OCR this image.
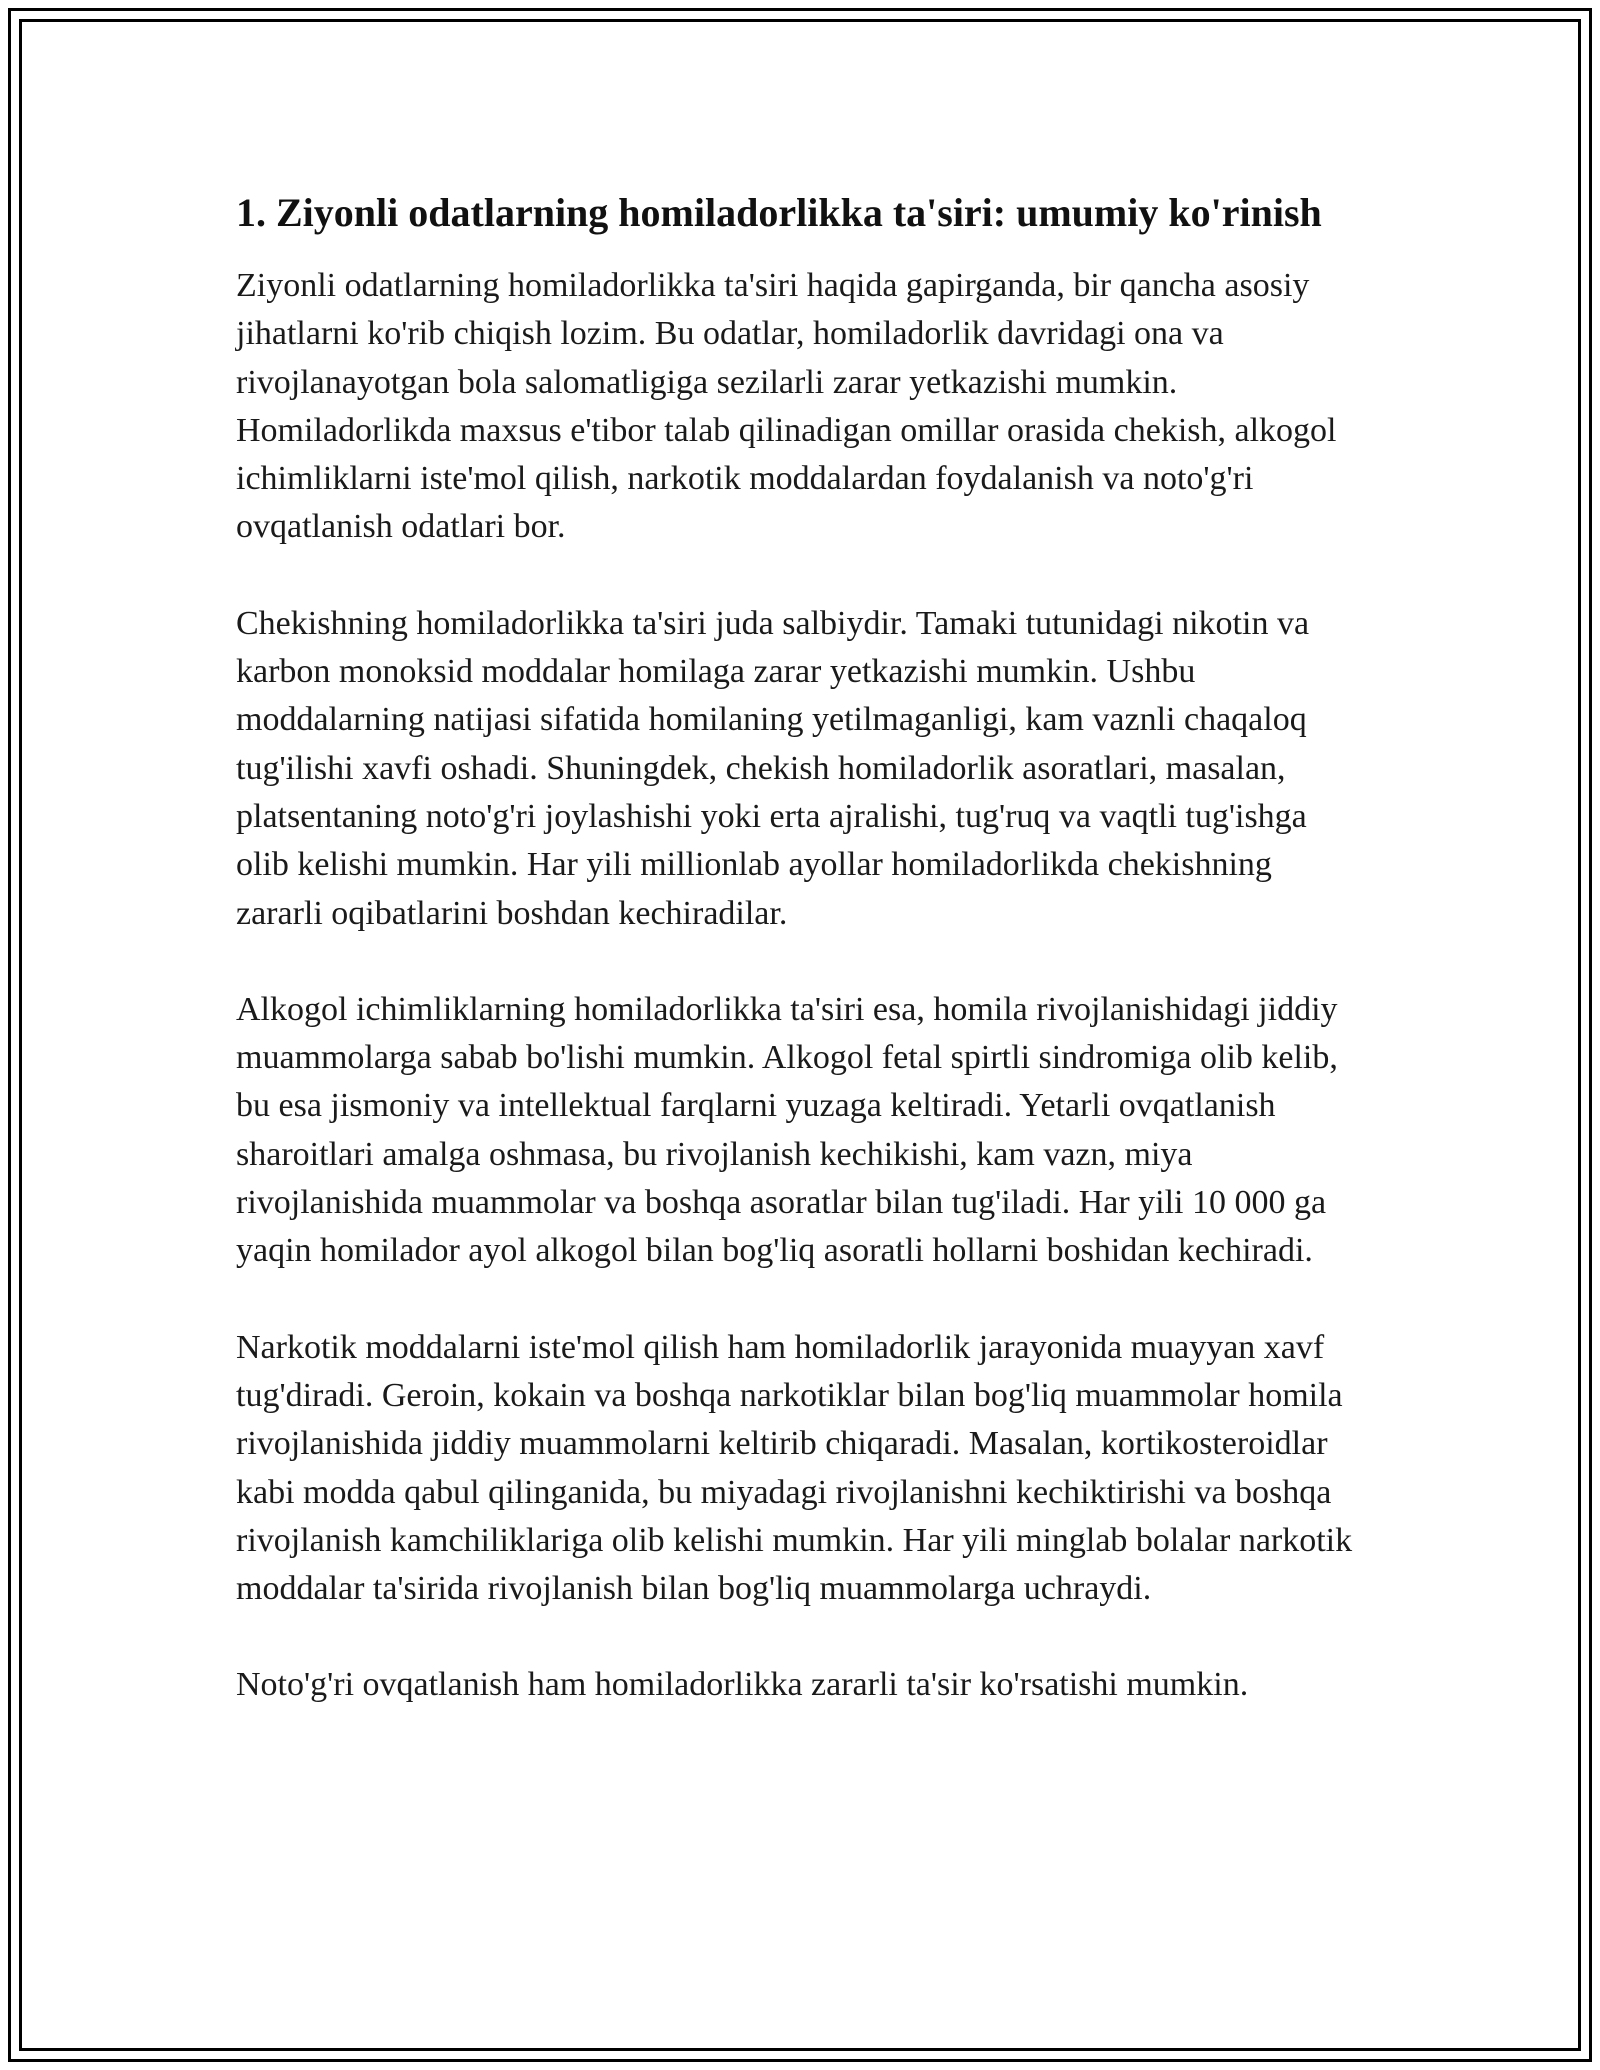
1. Ziyonli odatlarning homiladorlikka ta'siri: umumiy ko'rinish

Ziyonli odatlarning homiladorlikka ta'siri haqida gapirganda, bir qancha asosiy jihatlarni ko'rib chiqish lozim. Bu odatlar, homiladorlik davridagi ona va rivojlanayotgan bola salomatligiga sezilarli zarar yetkazishi mumkin. Homiladorlikda maxsus e'tibor talab qilinadigan omillar orasida chekish, alkogol ichimliklarni iste'mol qilish, narkotik moddalardan foydalanish va noto'g'ri ovqatlanish odatlari bor.

Chekishning homiladorlikka ta'siri juda salbiydir. Tamaki tutunidagi nikotin va karbon monoksid moddalar homilaga zarar yetkazishi mumkin. Ushbu moddalarning natijasi sifatida homilaning yetilmaganligi, kam vaznli chaqaloq tug'ilishi xavfi oshadi. Shuningdek, chekish homiladorlik asoratlari, masalan, platsentaning noto'g'ri joylashishi yoki erta ajralishi, tug'ruq va vaqtli tug'ishga olib kelishi mumkin. Har yili millionlab ayollar homiladorlikda chekishning zararli oqibatlarini boshdan kechiradilar.

Alkogol ichimliklarning homiladorlikka ta'siri esa, homila rivojlanishidagi jiddiy muammolarga sabab bo'lishi mumkin. Alkogol fetal spirtli sindromiga olib kelib, bu esa jismoniy va intellektual farqlarni yuzaga keltiradi. Yetarli ovqatlanish sharoitlari amalga oshmasa, bu rivojlanish kechikishi, kam vazn, miya rivojlanishida muammolar va boshqa asoratlar bilan tug'iladi. Har yili 10 000 ga yaqin homilador ayol alkogol bilan bog'liq asoratli hollarni boshidan kechiradi.

Narkotik moddalarni iste'mol qilish ham homiladorlik jarayonida muayyan xavf tug'diradi. Geroin, kokain va boshqa narkotiklar bilan bog'liq muammolar homila rivojlanishida jiddiy muammolarni keltirib chiqaradi. Masalan, kortikosteroidlar kabi modda qabul qilinganida, bu miyadagi rivojlanishni kechiktirishi va boshqa rivojlanish kamchiliklariga olib kelishi mumkin. Har yili minglab bolalar narkotik moddalar ta'sirida rivojlanish bilan bog'liq muammolarga uchraydi.

Noto'g'ri ovqatlanish ham homiladorlikka zararli ta'sir ko'rsatishi mumkin.
